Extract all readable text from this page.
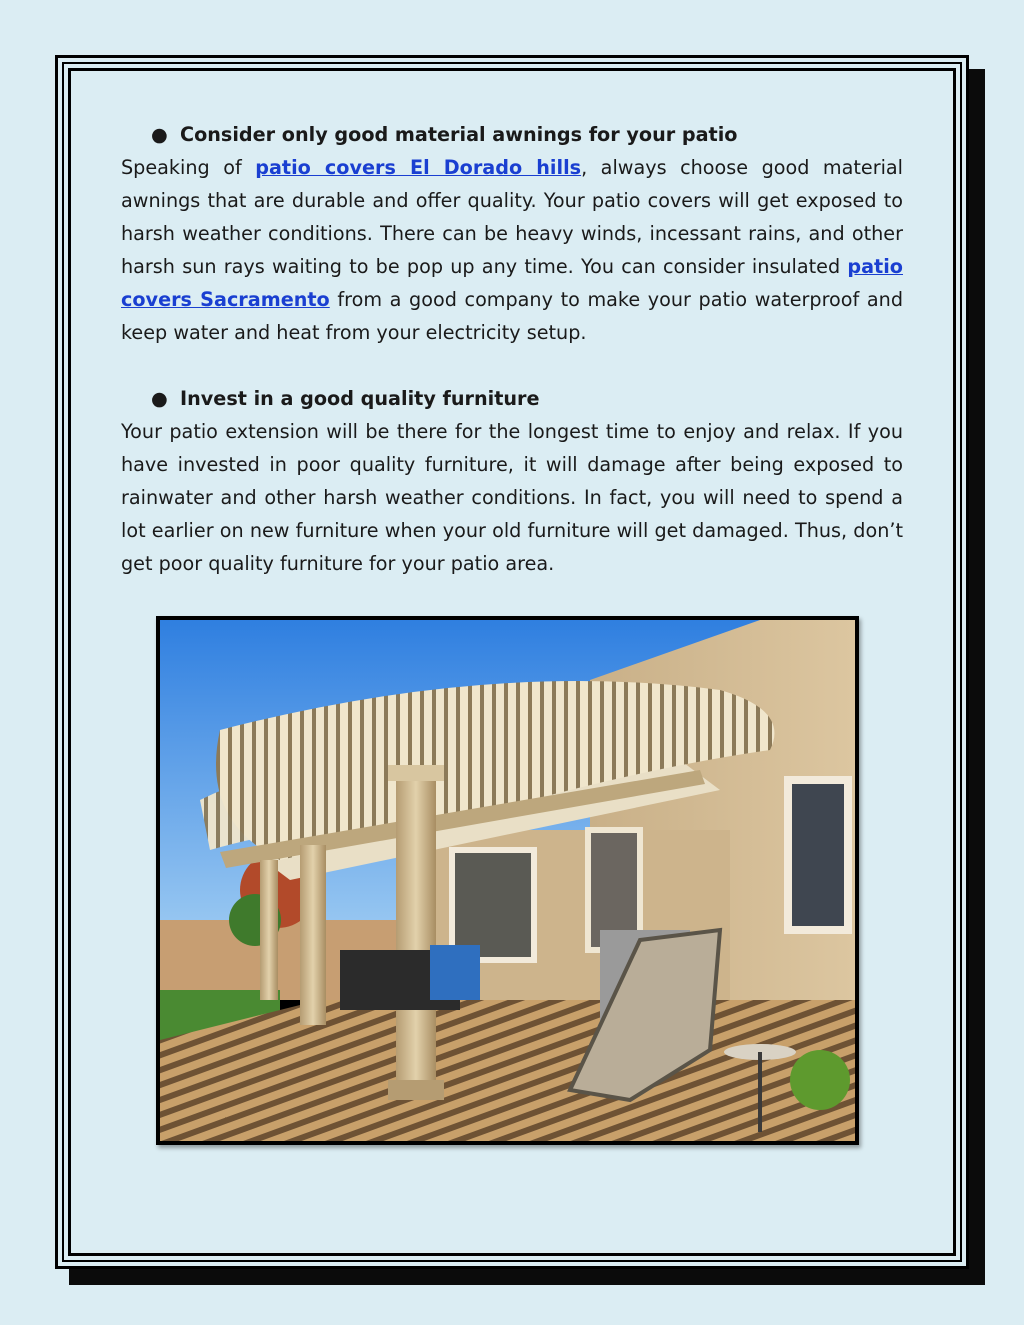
● Consider only good material awnings for your patio

Speaking of patio covers El Dorado hills, always choose good material awnings that are durable and offer quality. Your patio covers will get exposed to harsh weather conditions. There can be heavy winds, incessant rains, and other harsh sun rays waiting to be pop up any time. You can consider insulated patio covers Sacramento from a good company to make your patio waterproof and keep water and heat from your electricity setup.

● Invest in a good quality furniture

Your patio extension will be there for the longest time to enjoy and relax. If you have invested in poor quality furniture, it will damage after being exposed to rainwater and other harsh weather conditions. In fact, you will need to spend a lot earlier on new furniture when your old furniture will get damaged. Thus, don’t get poor quality furniture for your patio area.
